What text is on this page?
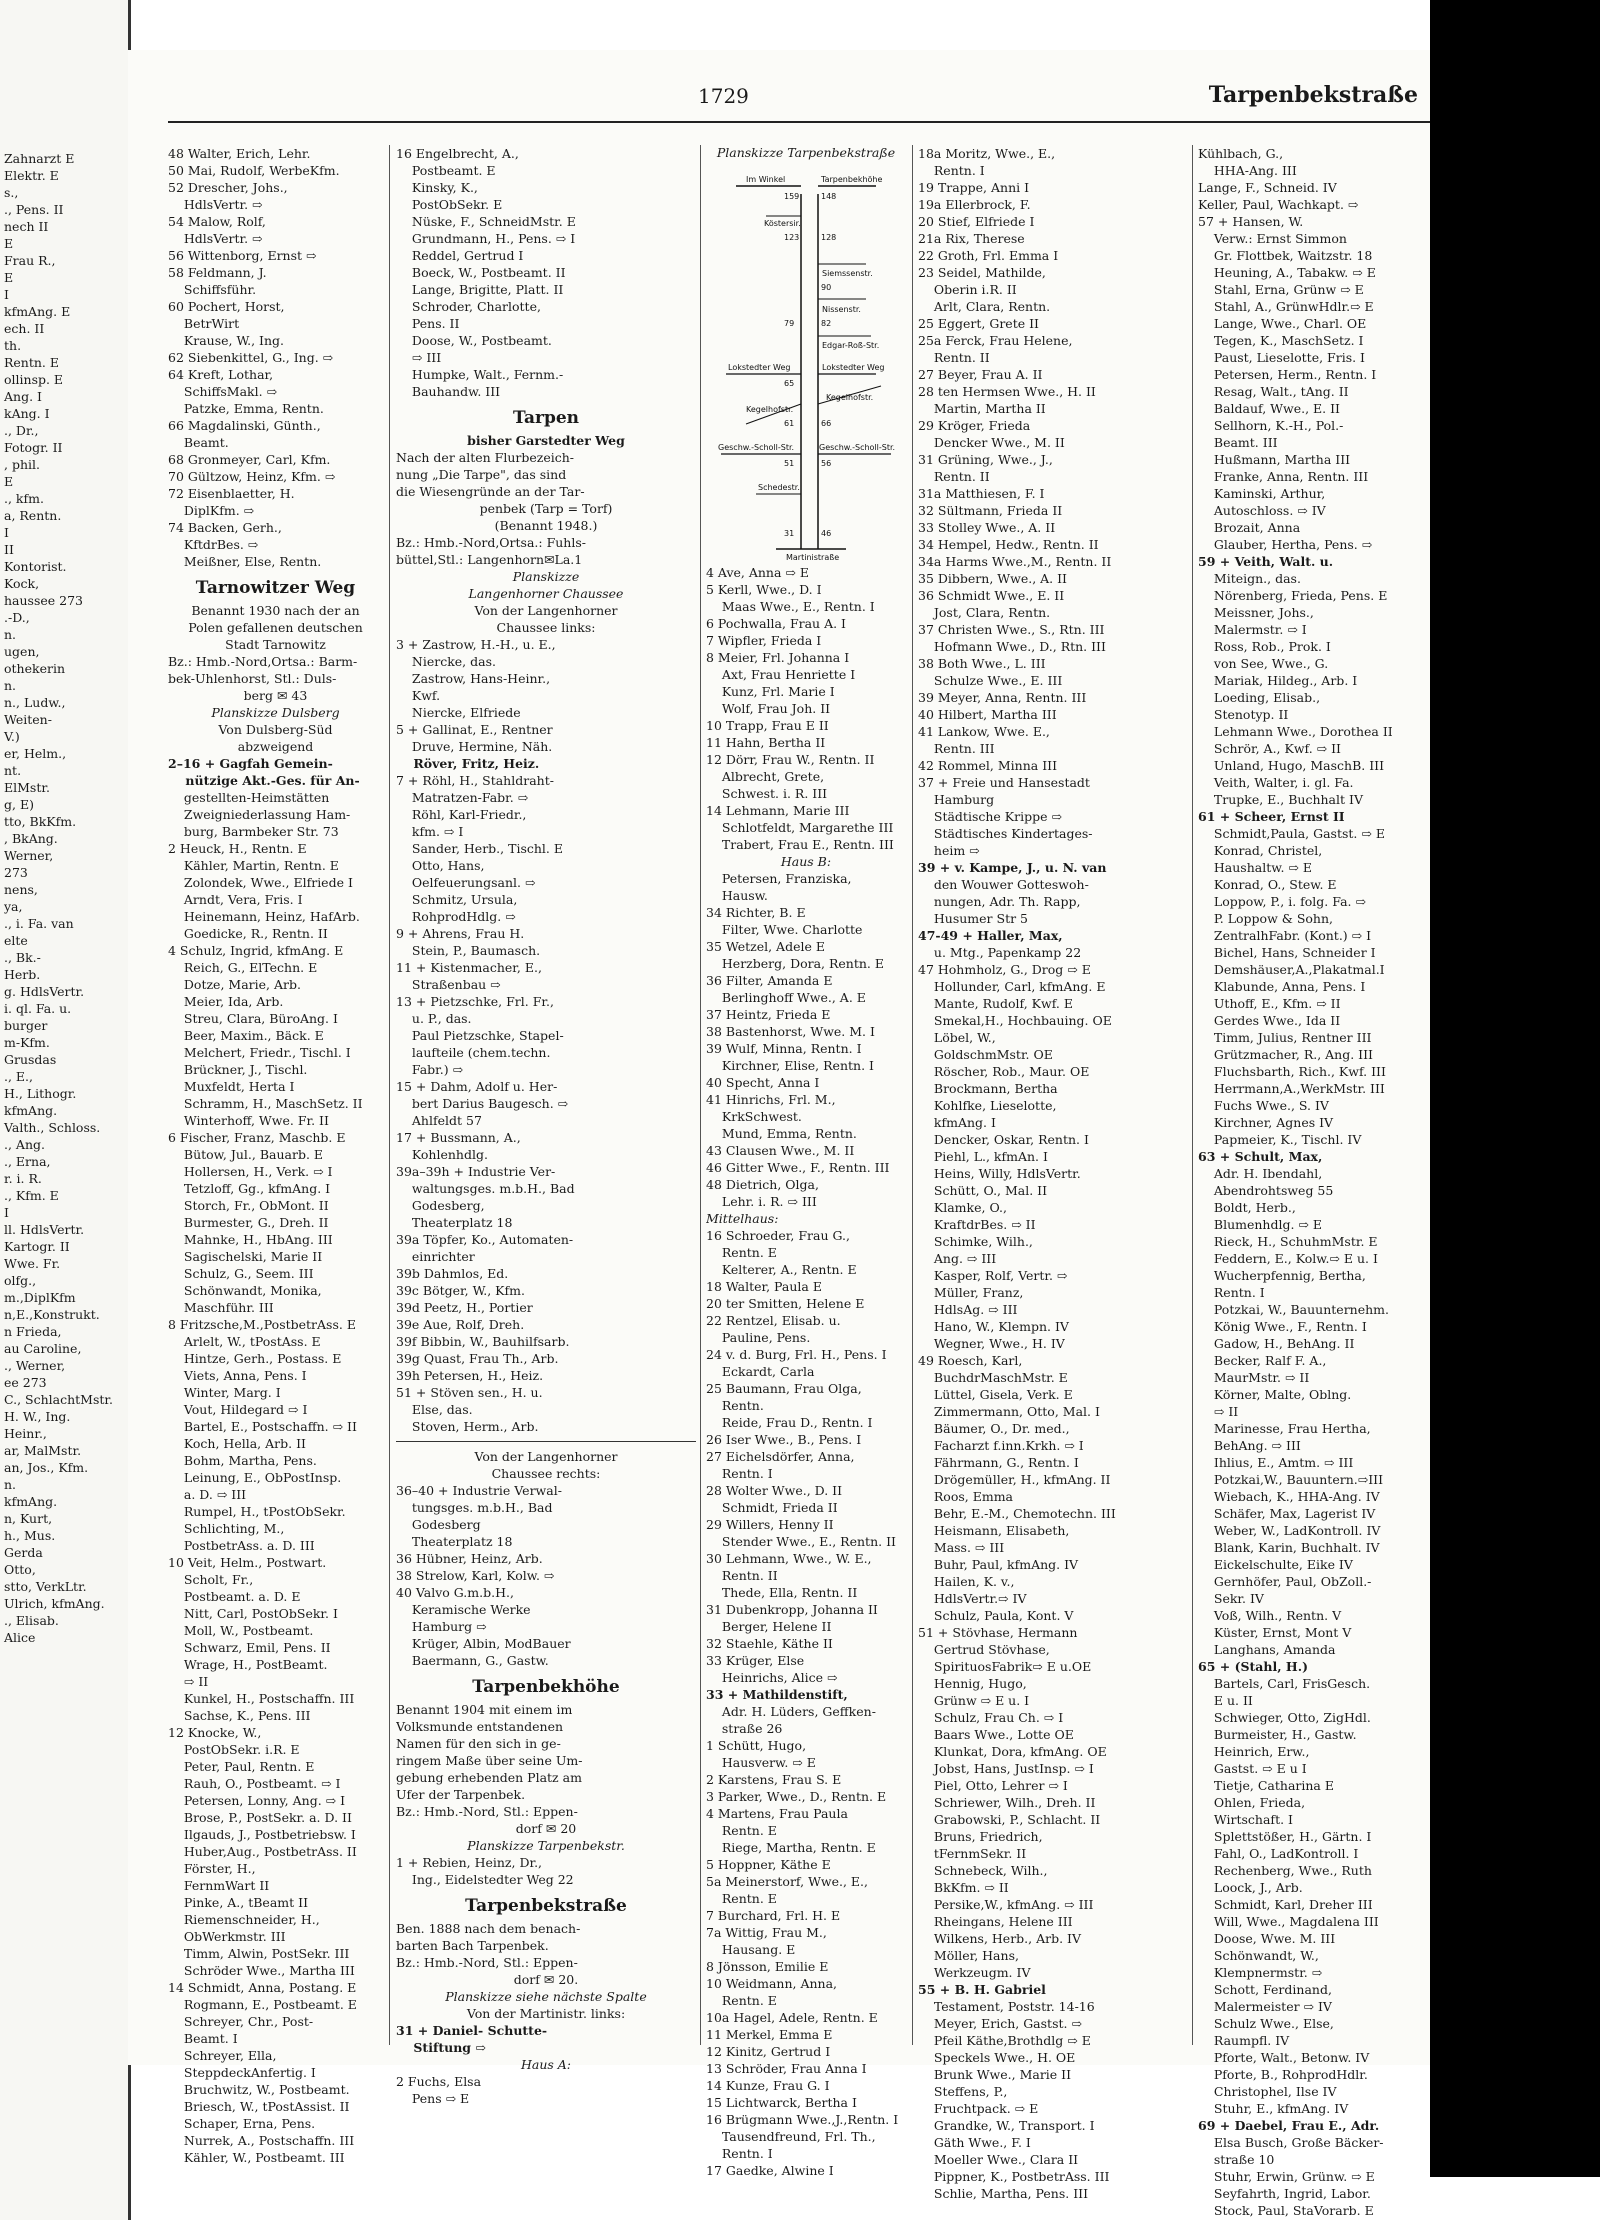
Zahnarzt E
Elektr. E
s.,
., Pens. II
nech II
E
Frau R.,
E
I
kfmAng. E
ech. II
th.
Rentn. E
ollinsp. E
Ang. I
kAng. I
., Dr.,
Fotogr. II
, phil.
E
., kfm.
a, Rentn.
I
II
Kontorist.
Kock,
haussee 273
.-D.,
n.
ugen,
othekerin
n.
n., Ludw.,
Weiten-
V.)
er, Helm.,
nt.
ElMstr.
g, E)
tto, BkKfm.
, BkAng.
Werner,
273
nens,
ya,
., i. Fa. van
elte
., Bk.-
Herb.
g. HdlsVertr.
i. ql. Fa. u.
burger
m-Kfm.
Grusdas
., E.,
H., Lithogr.
kfmAng.
Valth., Schloss.
., Ang.
., Erna,
r. i. R.
., Kfm. E
I
ll. HdlsVertr.
Kartogr. II
Wwe. Fr.
olfg.,
m.,DiplKfm
n,E.,Konstrukt.
n Frieda,
au Caroline,
., Werner,
ee 273
C., SchlachtMstr.
H. W., Ing.
Heinr.,
ar, MalMstr.
an, Jos., Kfm.
n.
kfmAng.
n, Kurt,
h., Mus.
Gerda
Otto,
stto, VerkLtr.
Ulrich, kfmAng.
., Elisab.
Alice
1729	Tarpenbekstraße
48 Walter, Erich, Lehr.
50 Mai, Rudolf, WerbeKfm.
52 Drescher, Johs.,
HdlsVertr. ⇨
54 Malow, Rolf,
HdlsVertr. ⇨
56 Wittenborg, Ernst ⇨
58 Feldmann, J.
Schiffsführ.
60 Pochert, Horst,
BetrWirt
Krause, W., Ing.
62 Siebenkittel, G., Ing. ⇨
64 Kreft, Lothar,
SchiffsMakl. ⇨
Patzke, Emma, Rentn.
66 Magdalinski, Günth.,
Beamt.
68 Gronmeyer, Carl, Kfm.
70 Gültzow, Heinz, Kfm. ⇨
72 Eisenblaetter, H.
DiplKfm. ⇨
74 Backen, Gerh.,
KftdrBes. ⇨
Meißner, Else, Rentn.
Tarnowitzer Weg
Benannt 1930 nach der an
Polen gefallenen deutschen
Stadt Tarnowitz
Bz.: Hmb.-Nord,Ortsa.: Barm-
bek-Uhlenhorst, Stl.: Duls-
berg ✉ 43
Planskizze Dulsberg
Von Dulsberg-Süd
abzweigend
2–16 + Gagfah Gemein-
nützige Akt.-Ges. für An-
gestellten-Heimstätten
Zweigniederlassung Ham-
burg, Barmbeker Str. 73
2 Heuck, H., Rentn. E
Kähler, Martin, Rentn. E
Zolondek, Wwe., Elfriede I
Arndt, Vera, Fris. I
Heinemann, Heinz, HafArb.
Goedicke, R., Rentn. II
4 Schulz, Ingrid, kfmAng. E
Reich, G., ElTechn. E
Dotze, Marie, Arb.
Meier, Ida, Arb.
Streu, Clara, BüroAng. I
Beer, Maxim., Bäck. E
Melchert, Friedr., Tischl. I
Brückner, J., Tischl.
Muxfeldt, Herta I
Schramm, H., MaschSetz. II
Winterhoff, Wwe. Fr. II
6 Fischer, Franz, Maschb. E
Bütow, Jul., Bauarb. E
Hollersen, H., Verk. ⇨ I
Tetzloff, Gg., kfmAng. I
Storch, Fr., ObMont. II
Burmester, G., Dreh. II
Mahnke, H., HbAng. III
Sagischelski, Marie II
Schulz, G., Seem. III
Schönwandt, Monika,
Maschführ. III
8 Fritzsche,M.,PostbetrAss. E
Arlelt, W., tPostAss. E
Hintze, Gerh., Postass. E
Viets, Anna, Pens. I
Winter, Marg. I
Vout, Hildegard ⇨ I
Bartel, E., Postschaffn. ⇨ II
Koch, Hella, Arb. II
Bohm, Martha, Pens.
Leinung, E., ObPostInsp.
a. D. ⇨ III
Rumpel, H., tPostObSekr.
Schlichting, M.,
PostbetrAss. a. D. III
10 Veit, Helm., Postwart.
Scholt, Fr.,
Postbeamt. a. D. E
Nitt, Carl, PostObSekr. I
Moll, W., Postbeamt.
Schwarz, Emil, Pens. II
Wrage, H., PostBeamt.
⇨ II
Kunkel, H., Postschaffn. III
Sachse, K., Pens. III
12 Knocke, W.,
PostObSekr. i.R. E
Peter, Paul, Rentn. E
Rauh, O., Postbeamt. ⇨ I
Petersen, Lonny, Ang. ⇨ I
Brose, P., PostSekr. a. D. II
Ilgauds, J., Postbetriebsw. I
Huber,Aug., PostbetrAss. II
Förster, H.,
FernmWart II
Pinke, A., tBeamt II
Riemenschneider, H.,
ObWerkmstr. III
Timm, Alwin, PostSekr. III
Schröder Wwe., Martha III
14 Schmidt, Anna, Postang. E
Rogmann, E., Postbeamt. E
Schreyer, Chr., Post-
Beamt. I
Schreyer, Ella,
SteppdeckAnfertig. I
Bruchwitz, W., Postbeamt.
Briesch, W., tPostAssist. II
Schaper, Erna, Pens.
Nurrek, A., Postschaffn. III
Kähler, W., Postbeamt. III
16 Engelbrecht, A.,
Postbeamt. E
Kinsky, K.,
PostObSekr. E
Nüske, F., SchneidMstr. E
Grundmann, H., Pens. ⇨ I
Reddel, Gertrud I
Boeck, W., Postbeamt. II
Lange, Brigitte, Platt. II
Schroder, Charlotte,
Pens. II
Doose, W., Postbeamt.
⇨ III
Humpke, Walt., Fernm.-
Bauhandw. III
Tarpen
bisher Garstedter Weg
Nach der alten Flurbezeich-
nung „Die Tarpe", das sind
die Wiesengründe an der Tar-
penbek (Tarp = Torf)
(Benannt 1948.)
Bz.: Hmb.-Nord,Ortsa.: Fuhls-
büttel,Stl.: Langenhorn✉La.1
Planskizze
Langenhorner Chaussee
Von der Langenhorner
Chaussee links:
3 + Zastrow, H.-H., u. E.,
Niercke, das.
Zastrow, Hans-Heinr.,
Kwf.
Niercke, Elfriede
5 + Gallinat, E., Rentner
Druve, Hermine, Näh.
Röver, Fritz, Heiz.
7 + Röhl, H., Stahldraht-
Matratzen-Fabr. ⇨
Röhl, Karl-Friedr.,
kfm. ⇨ I
Sander, Herb., Tischl. E
Otto, Hans,
Oelfeuerungsanl. ⇨
Schmitz, Ursula,
RohprodHdlg. ⇨
9 + Ahrens, Frau H.
Stein, P., Baumasch.
11 + Kistenmacher, E.,
Straßenbau ⇨
13 + Pietzschke, Frl. Fr.,
u. P., das.
Paul Pietzschke, Stapel-
laufteile (chem.techn.
Fabr.) ⇨
15 + Dahm, Adolf u. Her-
bert Darius Baugesch. ⇨
Ahlfeldt 57
17 + Bussmann, A.,
Kohlenhdlg.
39a–39h + Industrie Ver-
waltungsges. m.b.H., Bad
Godesberg,
Theaterplatz 18
39a Töpfer, Ko., Automaten-
einrichter
39b Dahmlos, Ed.
39c Bötger, W., Kfm.
39d Peetz, H., Portier
39e Aue, Rolf, Dreh.
39f Bibbin, W., Bauhilfsarb.
39g Quast, Frau Th., Arb.
39h Petersen, H., Heiz.
51 + Stöven sen., H. u.
Else, das.
Stoven, Herm., Arb.
Von der Langenhorner
Chaussee rechts:
36–40 + Industrie Verwal-
tungsges. m.b.H., Bad
Godesberg
Theaterplatz 18
36 Hübner, Heinz, Arb.
38 Strelow, Karl, Kolw. ⇨
40 Valvo G.m.b.H.,
Keramische Werke
Hamburg ⇨
Krüger, Albin, ModBauer
Baermann, G., Gastw.
Tarpenbekhöhe
Benannt 1904 mit einem im
Volksmunde entstandenen
Namen für den sich in ge-
ringem Maße über seine Um-
gebung erhebenden Platz am
Ufer der Tarpenbek.
Bz.: Hmb.-Nord, Stl.: Eppen-
dorf ✉ 20
Planskizze Tarpenbekstr.
1 + Rebien, Heinz, Dr.,
Ing., Eidelstedter Weg 22
Tarpenbekstraße
Ben. 1888 nach dem benach-
barten Bach Tarpenbek.
Bz.: Hmb.-Nord, Stl.: Eppen-
dorf ✉ 20.
Planskizze siehe nächste Spalte
Von der Martinistr. links:
31 + Daniel- Schutte-
Stiftung ⇨
Haus A:
2 Fuchs, Elsa
Pens ⇨ E
Planskizze Tarpenbekstraße
Im Winkel	Tarpenbekhöhe
159	148
Köstersir.
123	128
Siemssenstr.
90
Nissenstr.
79	82
Edgar-Roß-Str.
Lokstedter Weg	Lokstedter Weg
65
Kegelhofstr.
Kegelhofstr.
61	66
Geschw.-Scholl-Str.	Geschw.-Scholl-Str.
51	56
Schedestr.
31	46
Martinistraße
4 Ave, Anna ⇨ E
5 Kerll, Wwe., D. I
Maas Wwe., E., Rentn. I
6 Pochwalla, Frau A. I
7 Wipfler, Frieda I
8 Meier, Frl. Johanna I
Axt, Frau Henriette I
Kunz, Frl. Marie I
Wolf, Frau Joh. II
10 Trapp, Frau E II
11 Hahn, Bertha II
12 Dörr, Frau W., Rentn. II
Albrecht, Grete,
Schwest. i. R. III
14 Lehmann, Marie III
Schlotfeldt, Margarethe III
Trabert, Frau E., Rentn. III
Haus B:
Petersen, Franziska,
Hausw.
34 Richter, B. E
Filter, Wwe. Charlotte
35 Wetzel, Adele E
Herzberg, Dora, Rentn. E
36 Filter, Amanda E
Berlinghoff Wwe., A. E
37 Heintz, Frieda E
38 Bastenhorst, Wwe. M. I
39 Wulf, Minna, Rentn. I
Kirchner, Elise, Rentn. I
40 Specht, Anna I
41 Hinrichs, Frl. M.,
KrkSchwest.
Mund, Emma, Rentn.
43 Clausen Wwe., M. II
46 Gitter Wwe., F., Rentn. III
48 Dietrich, Olga,
Lehr. i. R. ⇨ III
Mittelhaus:
16 Schroeder, Frau G.,
Rentn. E
Kelterer, A., Rentn. E
18 Walter, Paula E
20 ter Smitten, Helene E
22 Rentzel, Elisab. u.
Pauline, Pens.
24 v. d. Burg, Frl. H., Pens. I
Eckardt, Carla
25 Baumann, Frau Olga,
Rentn.
Reide, Frau D., Rentn. I
26 Iser Wwe., B., Pens. I
27 Eichelsdörfer, Anna,
Rentn. I
28 Wolter Wwe., D. II
Schmidt, Frieda II
29 Willers, Henny II
Stender Wwe., E., Rentn. II
30 Lehmann, Wwe., W. E.,
Rentn. II
Thede, Ella, Rentn. II
31 Dubenkropp, Johanna II
Berger, Helene II
32 Staehle, Käthe II
33 Krüger, Else
Heinrichs, Alice ⇨
33 + Mathildenstift,
Adr. H. Lüders, Geffken-
straße 26
1 Schütt, Hugo,
Hausverw. ⇨ E
2 Karstens, Frau S. E
3 Parker, Wwe., D., Rentn. E
4 Martens, Frau Paula
Rentn. E
Riege, Martha, Rentn. E
5 Hoppner, Käthe E
5a Meinerstorf, Wwe., E.,
Rentn. E
7 Burchard, Frl. H. E
7a Wittig, Frau M.,
Hausang. E
8 Jönsson, Emilie E
10 Weidmann, Anna,
Rentn. E
10a Hagel, Adele, Rentn. E
11 Merkel, Emma E
12 Kinitz, Gertrud I
13 Schröder, Frau Anna I
14 Kunze, Frau G. I
15 Lichtwarck, Bertha I
16 Brügmann Wwe.,J.,Rentn. I
Tausendfreund, Frl. Th.,
Rentn. I
17 Gaedke, Alwine I
18a Moritz, Wwe., E.,
Rentn. I
19 Trappe, Anni I
19a Ellerbrock, F.
20 Stief, Elfriede I
21a Rix, Therese
22 Groth, Frl. Emma I
23 Seidel, Mathilde,
Oberin i.R. II
Arlt, Clara, Rentn.
25 Eggert, Grete II
25a Ferck, Frau Helene,
Rentn. II
27 Beyer, Frau A. II
28 ten Hermsen Wwe., H. II
Martin, Martha II
29 Kröger, Frieda
Dencker Wwe., M. II
31 Grüning, Wwe., J.,
Rentn. II
31a Matthiesen, F. I
32 Sültmann, Frieda II
33 Stolley Wwe., A. II
34 Hempel, Hedw., Rentn. II
34a Harms Wwe.,M., Rentn. II
35 Dibbern, Wwe., A. II
36 Schmidt Wwe., E. II
Jost, Clara, Rentn.
37 Christen Wwe., S., Rtn. III
Hofmann Wwe., D., Rtn. III
38 Both Wwe., L. III
Schulze Wwe., E. III
39 Meyer, Anna, Rentn. III
40 Hilbert, Martha III
41 Lankow, Wwe. E.,
Rentn. III
42 Rommel, Minna III
37 + Freie und Hansestadt
Hamburg
Städtische Krippe ⇨
Städtisches Kindertages-
heim ⇨
39 + v. Kampe, J., u. N. van
den Wouwer Gotteswoh-
nungen, Adr. Th. Rapp,
Husumer Str 5
47-49 + Haller, Max,
u. Mtg., Papenkamp 22
47 Hohmholz, G., Drog ⇨ E
Hollunder, Carl, kfmAng. E
Mante, Rudolf, Kwf. E
Smekal,H., Hochbauing. OE
Löbel, W.,
GoldschmMstr. OE
Röscher, Rob., Maur. OE
Brockmann, Bertha
Kohlfke, Lieselotte,
kfmAng. I
Dencker, Oskar, Rentn. I
Piehl, L., kfmAn. I
Heins, Willy, HdlsVertr.
Schütt, O., Mal. II
Klamke, O.,
KraftdrBes. ⇨ II
Schimke, Wilh.,
Ang. ⇨ III
Kasper, Rolf, Vertr. ⇨
Müller, Franz,
HdlsAg. ⇨ III
Hano, W., Klempn. IV
Wegner, Wwe., H. IV
49 Roesch, Karl,
BuchdrMaschMstr. E
Lüttel, Gisela, Verk. E
Zimmermann, Otto, Mal. I
Bäumer, O., Dr. med.,
Facharzt f.inn.Krkh. ⇨ I
Fährmann, G., Rentn. I
Drögemüller, H., kfmAng. II
Roos, Emma
Behr, E.-M., Chemotechn. III
Heismann, Elisabeth,
Mass. ⇨ III
Buhr, Paul, kfmAng. IV
Hailen, K. v.,
HdlsVertr.⇨ IV
Schulz, Paula, Kont. V
51 + Stövhase, Hermann
Gertrud Stövhase,
SpirituosFabrik⇨ E u.OE
Hennig, Hugo,
Grünw ⇨ E u. I
Schulz, Frau Ch. ⇨ I
Baars Wwe., Lotte OE
Klunkat, Dora, kfmAng. OE
Jobst, Hans, JustInsp. ⇨ I
Piel, Otto, Lehrer ⇨ I
Schriewer, Wilh., Dreh. II
Grabowski, P., Schlacht. II
Bruns, Friedrich,
tFernmSekr. II
Schnebeck, Wilh.,
BkKfm. ⇨ II
Persike,W., kfmAng. ⇨ III
Rheingans, Helene III
Wilkens, Herb., Arb. IV
Möller, Hans,
Werkzeugm. IV
55 + B. H. Gabriel
Testament, Poststr. 14-16
Meyer, Erich, Gastst. ⇨
Pfeil Käthe,Brothdlg ⇨ E
Speckels Wwe., H. OE
Brunk Wwe., Marie II
Steffens, P.,
Fruchtpack. ⇨ E
Grandke, W., Transport. I
Gäth Wwe., F. I
Moeller Wwe., Clara II
Pippner, K., PostbetrAss. III
Schlie, Martha, Pens. III
Kühlbach, G.,
HHA-Ang. III
Lange, F., Schneid. IV
Keller, Paul, Wachkapt. ⇨
57 + Hansen, W.
Verw.: Ernst Simmon
Gr. Flottbek, Waitzstr. 18
Heuning, A., Tabakw. ⇨ E
Stahl, Erna, Grünw ⇨ E
Stahl, A., GrünwHdlr.⇨ E
Lange, Wwe., Charl. OE
Tegen, K., MaschSetz. I
Paust, Lieselotte, Fris. I
Petersen, Herm., Rentn. I
Resag, Walt., tAng. II
Baldauf, Wwe., E. II
Sellhorn, K.-H., Pol.-
Beamt. III
Hußmann, Martha III
Franke, Anna, Rentn. III
Kaminski, Arthur,
Autoschloss. ⇨ IV
Brozait, Anna
Glauber, Hertha, Pens. ⇨
59 + Veith, Walt. u.
Miteign., das.
Nörenberg, Frieda, Pens. E
Meissner, Johs.,
Malermstr. ⇨ I
Ross, Rob., Prok. I
von See, Wwe., G.
Mariak, Hildeg., Arb. I
Loeding, Elisab.,
Stenotyp. II
Lehmann Wwe., Dorothea II
Schrör, A., Kwf. ⇨ II
Unland, Hugo, MaschB. III
Veith, Walter, i. gl. Fa.
Trupke, E., Buchhalt IV
61 + Scheer, Ernst II
Schmidt,Paula, Gastst. ⇨ E
Konrad, Christel,
Haushaltw. ⇨ E
Konrad, O., Stew. E
Loppow, P., i. folg. Fa. ⇨
P. Loppow & Sohn,
ZentralhFabr. (Kont.) ⇨ I
Bichel, Hans, Schneider I
Demshäuser,A.,Plakatmal.I
Klabunde, Anna, Pens. I
Uthoff, E., Kfm. ⇨ II
Gerdes Wwe., Ida II
Timm, Julius, Rentner III
Grützmacher, R., Ang. III
Fluchsbarth, Rich., Kwf. III
Herrmann,A.,WerkMstr. III
Fuchs Wwe., S. IV
Kirchner, Agnes IV
Papmeier, K., Tischl. IV
63 + Schult, Max,
Adr. H. Ibendahl,
Abendrohtsweg 55
Boldt, Herb.,
Blumenhdlg. ⇨ E
Rieck, H., SchuhmMstr. E
Feddern, E., Kolw.⇨ E u. I
Wucherpfennig, Bertha,
Rentn. I
Potzkai, W., Bauunternehm.
König Wwe., F., Rentn. I
Gadow, H., BehAng. II
Becker, Ralf F. A.,
MaurMstr. ⇨ II
Körner, Malte, Oblng.
⇨ II
Marinesse, Frau Hertha,
BehAng. ⇨ III
Ihlius, E., Amtm. ⇨ III
Potzkai,W., Bauuntern.⇨III
Wiebach, K., HHA-Ang. IV
Schäfer, Max, Lagerist IV
Weber, W., LadKontroll. IV
Blank, Karin, Buchhalt. IV
Eickelschulte, Eike IV
Gernhöfer, Paul, ObZoll.-
Sekr. IV
Voß, Wilh., Rentn. V
Küster, Ernst, Mont V
Langhans, Amanda
65 + (Stahl, H.)
Bartels, Carl, FrisGesch.
E u. II
Schwieger, Otto, ZigHdl.
Burmeister, H., Gastw.
Heinrich, Erw.,
Gastst. ⇨ E u I
Tietje, Catharina E
Ohlen, Frieda,
Wirtschaft. I
Splettstößer, H., Gärtn. I
Fahl, O., LadKontroll. I
Rechenberg, Wwe., Ruth
Loock, J., Arb.
Schmidt, Karl, Dreher III
Will, Wwe., Magdalena III
Doose, Wwe. M. III
Schönwandt, W.,
Klempnermstr. ⇨
Schott, Ferdinand,
Malermeister ⇨ IV
Schulz Wwe., Else,
Raumpfl. IV
Pforte, Walt., Betonw. IV
Pforte, B., RohprodHdlr.
Christophel, Ilse IV
Stuhr, E., kfmAng. IV
69 + Daebel, Frau E., Adr.
Elsa Busch, Große Bäcker-
straße 10
Stuhr, Erwin, Grünw. ⇨ E
Seyfahrth, Ingrid, Labor.
Stock, Paul, StaVorarb. E
